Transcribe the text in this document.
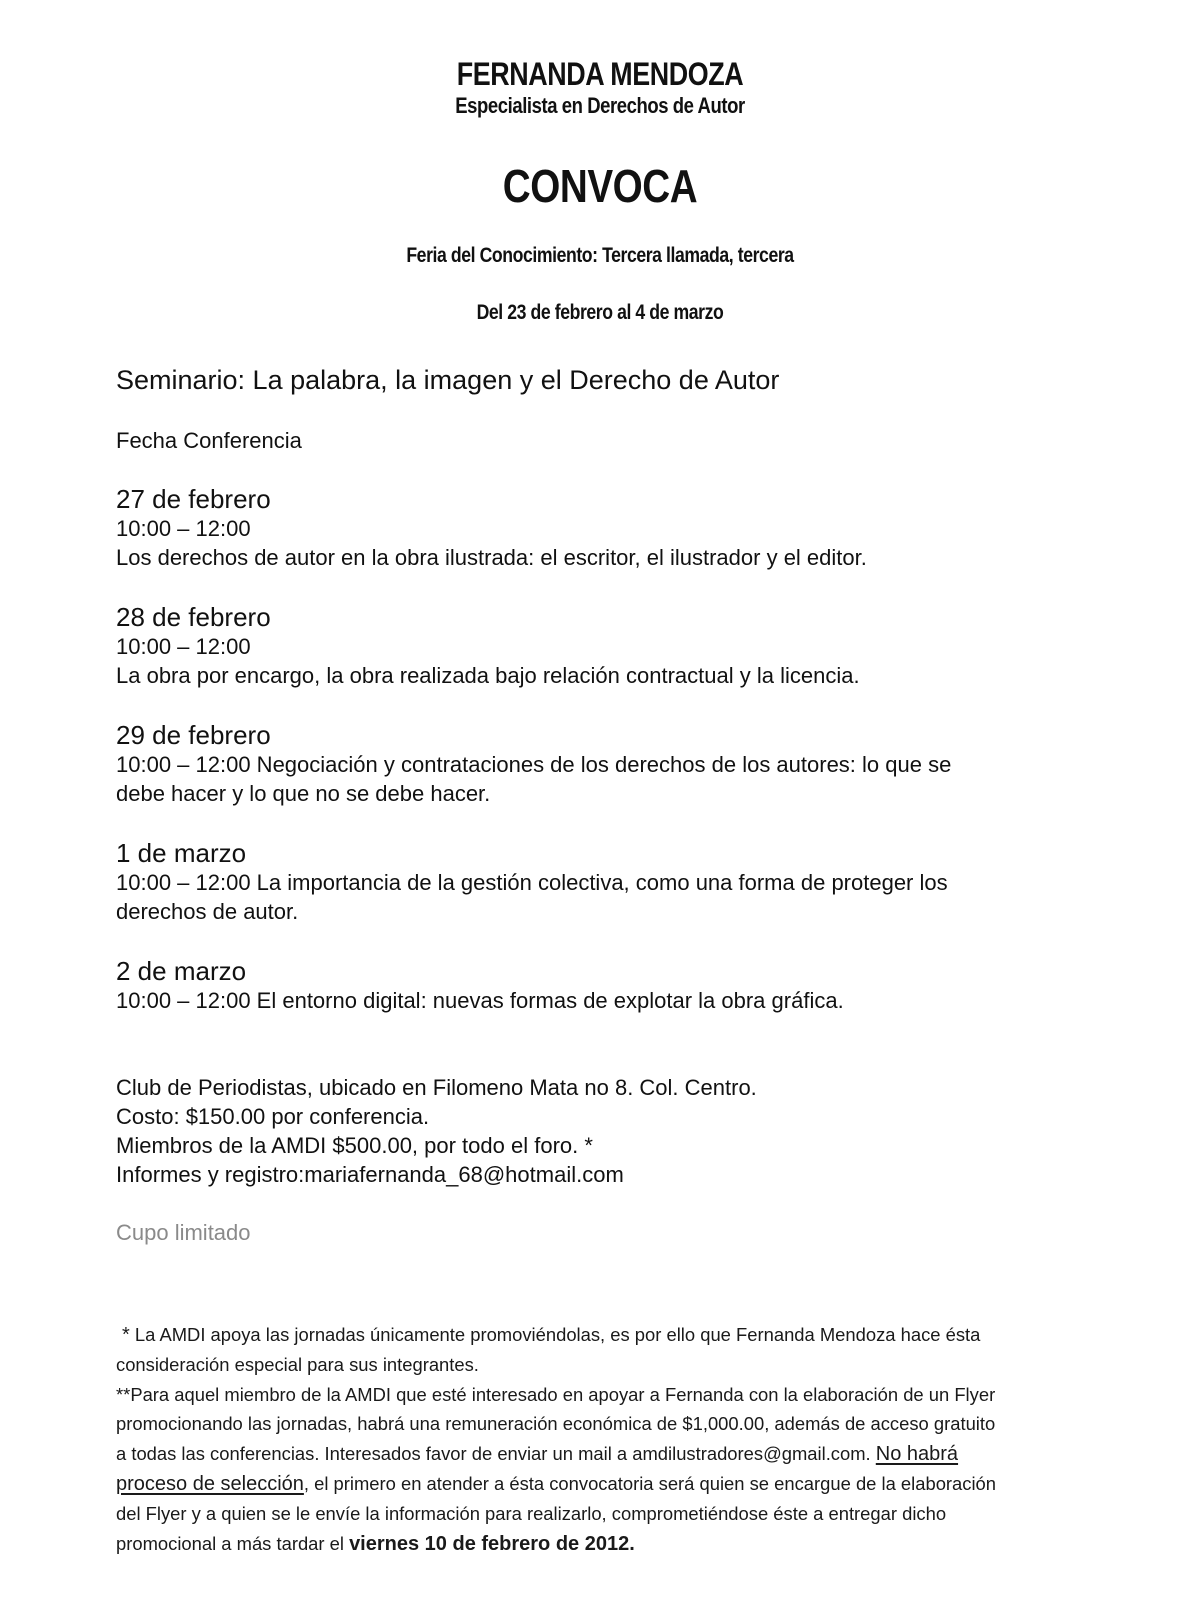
FERNANDA MENDOZA
Especialista en Derechos de Autor
CONVOCA
Feria del Conocimiento: Tercera llamada, tercera
Del 23 de febrero al 4 de marzo
Seminario: La palabra, la imagen y el Derecho de Autor
Fecha Conferencia
27 de febrero
10:00 – 12:00
Los derechos de autor en la obra ilustrada: el escritor, el ilustrador y el editor.
28 de febrero
10:00 – 12:00
La obra por encargo, la obra realizada bajo relación contractual y la licencia.
29 de febrero
10:00 – 12:00 Negociación y contrataciones de los derechos de los autores: lo que se
debe hacer y lo que no se debe hacer.
1 de marzo
10:00 – 12:00 La importancia de la gestión colectiva, como una forma de proteger los
derechos de autor.
2 de marzo
10:00 – 12:00 El entorno digital: nuevas formas de explotar la obra gráfica.
Club de Periodistas, ubicado en Filomeno Mata no 8. Col. Centro.
Costo: $150.00 por conferencia.
Miembros de la AMDI $500.00, por todo el foro. *
Informes y registro:mariafernanda_68@hotmail.com
Cupo limitado
* La AMDI apoya las jornadas únicamente promoviéndolas, es por ello que Fernanda Mendoza hace ésta
consideración especial para sus integrantes.
**Para aquel miembro de la AMDI que esté interesado en apoyar a Fernanda con la elaboración de un Flyer
promocionando las jornadas, habrá una remuneración económica de $1,000.00, además de acceso gratuito
a todas las conferencias. Interesados favor de enviar un mail a amdilustradores@gmail.com. No habrá
proceso de selección, el primero en atender a ésta convocatoria será quien se encargue de la elaboración
del Flyer y a quien se le envíe la información para realizarlo, comprometiéndose éste a entregar dicho
promocional a más tardar el viernes 10 de febrero de 2012.
